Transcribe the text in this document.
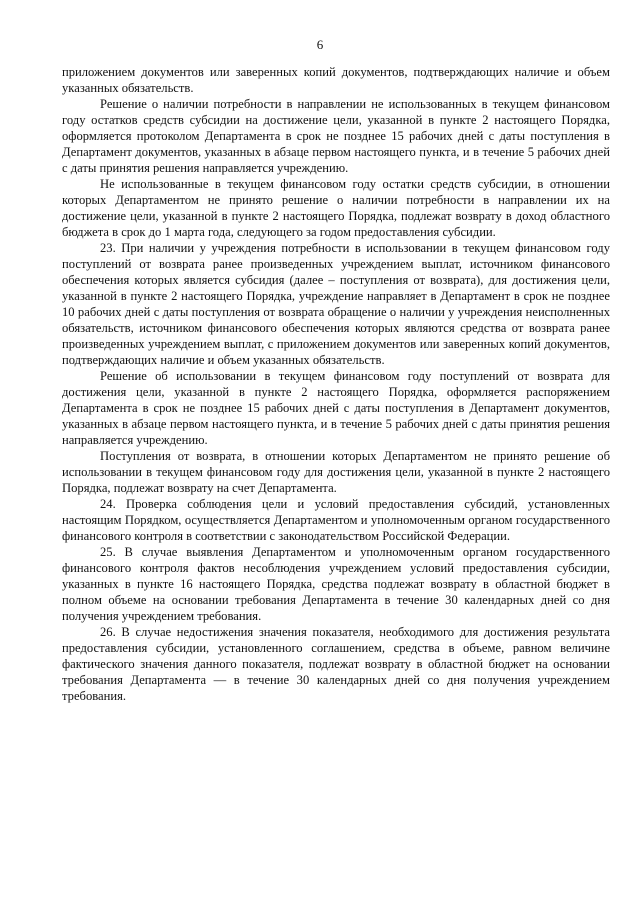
6

приложением документов или заверенных копий документов, подтверждающих наличие и объем указанных обязательств.

Решение о наличии потребности в направлении не использованных в текущем финансовом году остатков средств субсидии на достижение цели, указанной в пункте 2 настоящего Порядка, оформляется протоколом Департамента в срок не позднее 15 рабочих дней с даты поступления в Департамент документов, указанных в абзаце первом настоящего пункта, и в течение 5 рабочих дней с даты принятия решения направляется учреждению.

Не использованные в текущем финансовом году остатки средств субсидии, в отношении которых Департаментом не принято решение о наличии потребности в направлении их на достижение цели, указанной в пункте 2 настоящего Порядка, подлежат возврату в доход областного бюджета в срок до 1 марта года, следующего за годом предоставления субсидии.

23. При наличии у учреждения потребности в использовании в текущем финансовом году поступлений от возврата ранее произведенных учреждением выплат, источником финансового обеспечения которых является субсидия (далее – поступления от возврата), для достижения цели, указанной в пункте 2 настоящего Порядка, учреждение направляет в Департамент в срок не позднее 10 рабочих дней с даты поступления от возврата обращение о наличии у учреждения неисполненных обязательств, источником финансового обеспечения которых являются средства от возврата ранее произведенных учреждением выплат, с приложением документов или заверенных копий документов, подтверждающих наличие и объем указанных обязательств.

Решение об использовании в текущем финансовом году поступлений от возврата для достижения цели, указанной в пункте 2 настоящего Порядка, оформляется распоряжением Департамента в срок не позднее 15 рабочих дней с даты поступления в Департамент документов, указанных в абзаце первом настоящего пункта, и в течение 5 рабочих дней с даты принятия решения направляется учреждению.

Поступления от возврата, в отношении которых Департаментом не принято решение об использовании в текущем финансовом году для достижения цели, указанной в пункте 2 настоящего Порядка, подлежат возврату на счет Департамента.

24. Проверка соблюдения цели и условий предоставления субсидий, установленных настоящим Порядком, осуществляется Департаментом и уполномоченным органом государственного финансового контроля в соответствии с законодательством Российской Федерации.

25. В случае выявления Департаментом и уполномоченным органом государственного финансового контроля фактов несоблюдения учреждением условий предоставления субсидии, указанных в пункте 16 настоящего Порядка, средства подлежат возврату в областной бюджет в полном объеме на основании требования Департамента в течение 30 календарных дней со дня получения учреждением требования.

26. В случае недостижения значения показателя, необходимого для достижения результата предоставления субсидии, установленного соглашением, средства в объеме, равном величине фактического значения данного показателя, подлежат возврату в областной бюджет на основании требования Департамента — в течение 30 календарных дней со дня получения учреждением требования.
